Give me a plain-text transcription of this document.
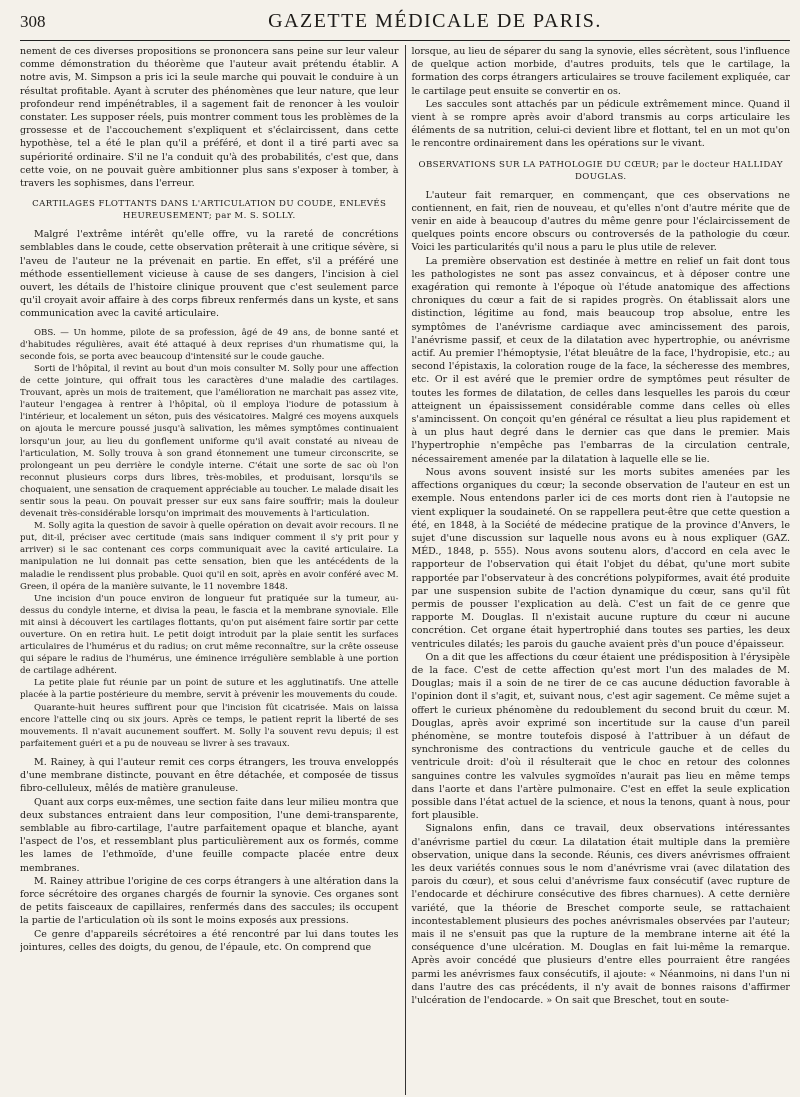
308	GAZETTE MÉDICALE DE PARIS.

nement de ces diverses propositions se prononcera sans peine sur leur valeur comme démonstration du théorème que l'auteur avait prétendu établir. A notre avis, M. Simpson a pris ici la seule marche qui pouvait le conduire à un résultat profitable. Ayant à scruter des phénomènes que leur nature, que leur profondeur rend impénétrables, il a sagement fait de renoncer à les vouloir constater. Les supposer réels, puis montrer comment tous les problèmes de la grossesse et de l'accouchement s'expliquent et s'éclaircissent, dans cette hypothèse, tel a été le plan qu'il a préféré, et dont il a tiré parti avec sa supériorité ordinaire. S'il ne l'a conduit qu'à des probabilités, c'est que, dans cette voie, on ne pouvait guère ambitionner plus sans s'exposer à tomber, à travers les sophismes, dans l'erreur.

CARTILAGES FLOTTANTS DANS L'ARTICULATION DU COUDE, ENLEVÉS HEUREUSEMENT; par M. S. SOLLY.

Malgré l'extrême intérêt qu'elle offre, vu la rareté de concrétions semblables dans le coude, cette observation prêterait à une critique sévère, si l'aveu de l'auteur ne la prévenait en partie. En effet, s'il a préféré une méthode essentiellement vicieuse à cause de ses dangers, l'incision à ciel ouvert, les détails de l'histoire clinique prouvent que c'est seulement parce qu'il croyait avoir affaire à des corps fibreux renfermés dans un kyste, et sans communication avec la cavité articulaire.

OBS. — Un homme, pilote de sa profession, âgé de 49 ans, de bonne santé et d'habitudes régulières, avait été attaqué à deux reprises d'un rhumatisme qui, la seconde fois, se porta avec beaucoup d'intensité sur le coude gauche.

Sorti de l'hôpital, il revint au bout d'un mois consulter M. Solly pour une affection de cette jointure, qui offrait tous les caractères d'une maladie des cartilages. Trouvant, après un mois de traitement, que l'amélioration ne marchait pas assez vite, l'auteur l'engagea à rentrer à l'hôpital, où il employa l'iodure de potassium à l'intérieur, et localement un séton, puis des vésicatoires. Malgré ces moyens auxquels on ajouta le mercure poussé jusqu'à salivation, les mêmes symptômes continuaient lorsqu'un jour, au lieu du gonflement uniforme qu'il avait constaté au niveau de l'articulation, M. Solly trouva à son grand étonnement une tumeur circonscrite, se prolongeant un peu derrière le condyle interne. C'était une sorte de sac où l'on reconnut plusieurs corps durs libres, très-mobiles, et produisant, lorsqu'ils se choquaient, une sensation de craquement appréciable au toucher. Le malade disait les sentir sous la peau. On pouvait presser sur eux sans faire souffrir; mais la douleur devenait très-considérable lorsqu'on imprimait des mouvements à l'articulation.

M. Solly agita la question de savoir à quelle opération on devait avoir recours. Il ne put, dit-il, préciser avec certitude (mais sans indiquer comment il s'y prit pour y arriver) si le sac contenant ces corps communiquait avec la cavité articulaire. La manipulation ne lui donnait pas cette sensation, bien que les antécédents de la maladie le rendissent plus probable. Quoi qu'il en soit, après en avoir conféré avec M. Green, il opéra de la manière suivante, le 11 novembre 1848.

Une incision d'un pouce environ de longueur fut pratiquée sur la tumeur, au-dessus du condyle interne, et divisa la peau, le fascia et la membrane synoviale. Elle mit ainsi à découvert les cartilages flottants, qu'on put aisément faire sortir par cette ouverture. On en retira huit. Le petit doigt introduit par la plaie sentit les surfaces articulaires de l'humérus et du radius; on crut même reconnaître, sur la crête osseuse qui sépare le radius de l'humérus, une éminence irrégulière semblable à une portion de cartilage adhérent.

La petite plaie fut réunie par un point de suture et les agglutinatifs. Une attelle placée à la partie postérieure du membre, servit à prévenir les mouvements du coude.

Quarante-huit heures suffirent pour que l'incision fût cicatrisée. Mais on laissa encore l'attelle cinq ou six jours. Après ce temps, le patient reprit la liberté de ses mouvements. Il n'avait aucunement souffert. M. Solly l'a souvent revu depuis; il est parfaitement guéri et a pu de nouveau se livrer à ses travaux.

M. Rainey, à qui l'auteur remit ces corps étrangers, les trouva enveloppés d'une membrane distincte, pouvant en être détachée, et composée de tissus fibro-celluleux, mêlés de matière granuleuse.

Quant aux corps eux-mêmes, une section faite dans leur milieu montra que deux substances entraient dans leur composition, l'une demi-transparente, semblable au fibro-cartilage, l'autre parfaitement opaque et blanche, ayant l'aspect de l'os, et ressemblant plus particulièrement aux os formés, comme les lames de l'ethmoïde, d'une feuille compacte placée entre deux membranes.

M. Rainey attribue l'origine de ces corps étrangers à une altération dans la force sécrétoire des organes chargés de fournir la synovie. Ces organes sont de petits faisceaux de capillaires, renfermés dans des saccules; ils occupent la partie de l'articulation où ils sont le moins exposés aux pressions.

Ce genre d'appareils sécrétoires a été rencontré par lui dans toutes les jointures, celles des doigts, du genou, de l'épaule, etc. On comprend que

lorsque, au lieu de séparer du sang la synovie, elles sécrètent, sous l'influence de quelque action morbide, d'autres produits, tels que le cartilage, la formation des corps étrangers articulaires se trouve facilement expliquée, car le cartilage peut ensuite se convertir en os.

Les saccules sont attachés par un pédicule extrêmement mince. Quand il vient à se rompre après avoir d'abord transmis au corps articulaire les éléments de sa nutrition, celui-ci devient libre et flottant, tel en un mot qu'on le rencontre ordinairement dans les opérations sur le vivant.

OBSERVATIONS SUR LA PATHOLOGIE DU CŒUR; par le docteur HALLIDAY DOUGLAS.

L'auteur fait remarquer, en commençant, que ces observations ne contiennent, en fait, rien de nouveau, et qu'elles n'ont d'autre mérite que de venir en aide à beaucoup d'autres du même genre pour l'éclaircissement de quelques points encore obscurs ou controversés de la pathologie du cœur. Voici les particularités qu'il nous a paru le plus utile de relever.

La première observation est destinée à mettre en relief un fait dont tous les pathologistes ne sont pas assez convaincus, et à déposer contre une exagération qui remonte à l'époque où l'étude anatomique des affections chroniques du cœur a fait de si rapides progrès. On établissait alors une distinction, légitime au fond, mais beaucoup trop absolue, entre les symptômes de l'anévrisme cardiaque avec amincissement des parois, l'anévrisme passif, et ceux de la dilatation avec hypertrophie, ou anévrisme actif. Au premier l'hémoptysie, l'état bleuâtre de la face, l'hydropisie, etc.; au second l'épistaxis, la coloration rouge de la face, la sécheresse des membres, etc. Or il est avéré que le premier ordre de symptômes peut résulter de toutes les formes de dilatation, de celles dans lesquelles les parois du cœur atteignent un épaississement considérable comme dans celles où elles s'amincissent. On conçoit qu'en général ce résultat a lieu plus rapidement et à un plus haut degré dans le dernier cas que dans le premier. Mais l'hypertrophie n'empêche pas l'embarras de la circulation centrale, nécessairement amenée par la dilatation à laquelle elle se lie.

Nous avons souvent insisté sur les morts subites amenées par les affections organiques du cœur; la seconde observation de l'auteur en est un exemple. Nous entendons parler ici de ces morts dont rien à l'autopsie ne vient expliquer la soudaineté. On se rappellera peut-être que cette question a été, en 1848, à la Société de médecine pratique de la province d'Anvers, le sujet d'une discussion sur laquelle nous avons eu à nous expliquer (GAZ. MÉD., 1848, p. 555). Nous avons soutenu alors, d'accord en cela avec le rapporteur de l'observation qui était l'objet du débat, qu'une mort subite rapportée par l'observateur à des concrétions polypiformes, avait été produite par une suspension subite de l'action dynamique du cœur, sans qu'il fût permis de pousser l'explication au delà. C'est un fait de ce genre que rapporte M. Douglas. Il n'existait aucune rupture du cœur ni aucune concrétion. Cet organe était hypertrophié dans toutes ses parties, les deux ventricules dilatés; les parois du gauche avaient près d'un pouce d'épaisseur.

On a dit que les affections du cœur étaient une prédisposition à l'érysipèle de la face. C'est de cette affection qu'est mort l'un des malades de M. Douglas; mais il a soin de ne tirer de ce cas aucune déduction favorable à l'opinion dont il s'agit, et, suivant nous, c'est agir sagement. Ce même sujet a offert le curieux phénomène du redoublement du second bruit du cœur. M. Douglas, après avoir exprimé son incertitude sur la cause d'un pareil phénomène, se montre toutefois disposé à l'attribuer à un défaut de synchronisme des contractions du ventricule gauche et de celles du ventricule droit: d'où il résulterait que le choc en retour des colonnes sanguines contre les valvules sygmoïdes n'aurait pas lieu en même temps dans l'aorte et dans l'artère pulmonaire. C'est en effet la seule explication possible dans l'état actuel de la science, et nous la tenons, quant à nous, pour fort plausible.

Signalons enfin, dans ce travail, deux observations intéressantes d'anévrisme partiel du cœur. La dilatation était multiple dans la première observation, unique dans la seconde. Réunis, ces divers anévrismes offraient les deux variétés connues sous le nom d'anévrisme vrai (avec dilatation des parois du cœur), et sous celui d'anévrisme faux consécutif (avec rupture de l'endocarde et déchirure consécutive des fibres charnues). A cette dernière variété, que la théorie de Breschet comporte seule, se rattachaient incontestablement plusieurs des poches anévrismales observées par l'auteur; mais il ne s'ensuit pas que la rupture de la membrane interne ait été la conséquence d'une ulcération. M. Douglas en fait lui-même la remarque. Après avoir concédé que plusieurs d'entre elles pourraient être rangées parmi les anévrismes faux consécutifs, il ajoute: « Néanmoins, ni dans l'un ni dans l'autre des cas précédents, il n'y avait de bonnes raisons d'affirmer l'ulcération de l'endocarde. » On sait que Breschet, tout en soute-
